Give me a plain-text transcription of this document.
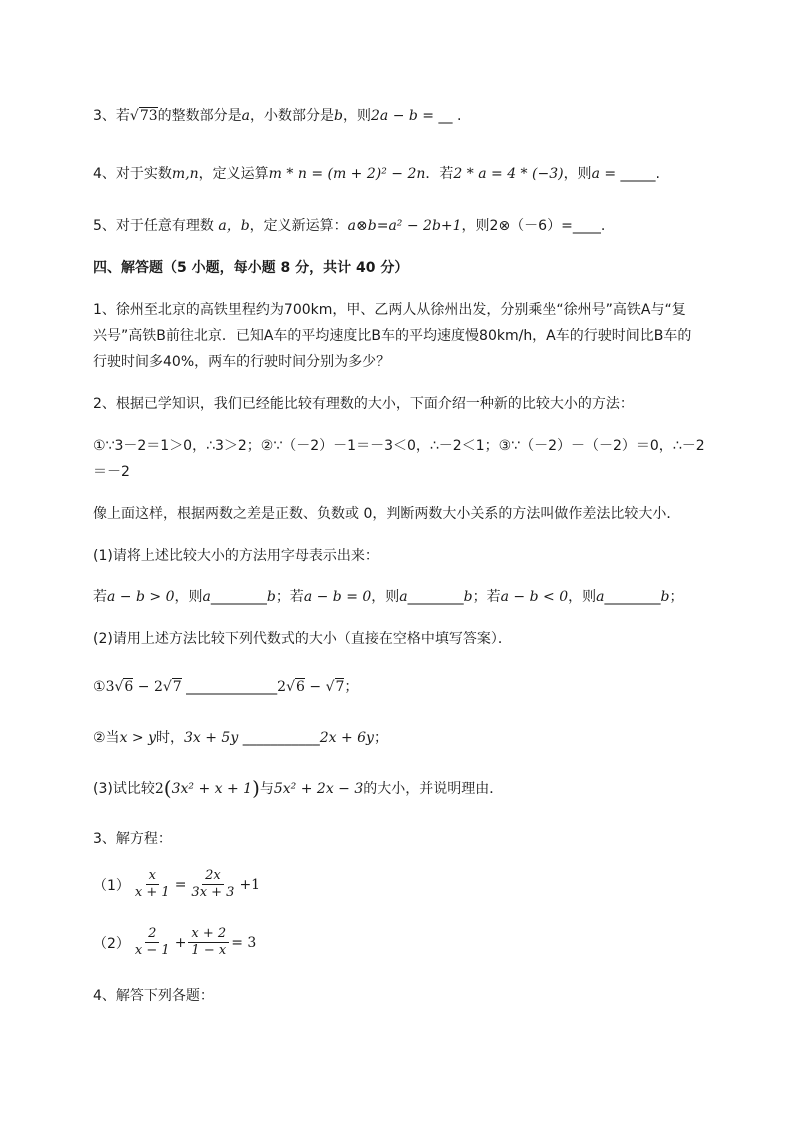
3、若√73的整数部分是a，小数部分是b，则2a − b = __ .
4、对于实数m,n，定义运算m * n = (m + 2)² − 2n．若2 * a = 4 * (−3)，则a = _____.
5、对于任意有理数 a，b，定义新运算：a⊗b=a² − 2b+1，则2⊗（－6）=____.
四、解答题（5 小题，每小题 8 分，共计 40 分）
1、徐州至北京的高铁里程约为700km，甲、乙两人从徐州出发，分别乘坐“徐州号”高铁A与“复
兴号”高铁B前往北京．已知A车的平均速度比B车的平均速度慢80km/h，A车的行驶时间比B车的
行驶时间多40%，两车的行驶时间分别为多少？
2、根据已学知识，我们已经能比较有理数的大小，下面介绍一种新的比较大小的方法：
①∵3－2＝1＞0，∴3＞2；②∵（－2）－1＝－3＜0，∴－2＜1；③∵（－2）－（－2）＝0，∴－2
＝－2
像上面这样，根据两数之差是正数、负数或 0，判断两数大小关系的方法叫做作差法比较大小．
(1)请将上述比较大小的方法用字母表示出来：
若a − b > 0，则a________b；若a − b = 0，则a________b；若a − b < 0，则a________b；
(2)请用上述方法比较下列代数式的大小（直接在空格中填写答案）．
①3√6 − 2√7 _____________2√6 − √7；
②当x > y时，3x + 5y ___________2x + 6y；
(3)试比较2(3x² + x + 1)与5x² + 2x − 3的大小，并说明理由．
3、解方程：
$(1) \frac{x}{x + 1} = \frac{2x}{3x + 3} +1$
$(2) \frac{2}{x - 1} + \frac{x + 2}{1 - x} = 3$
4、解答下列各题：
